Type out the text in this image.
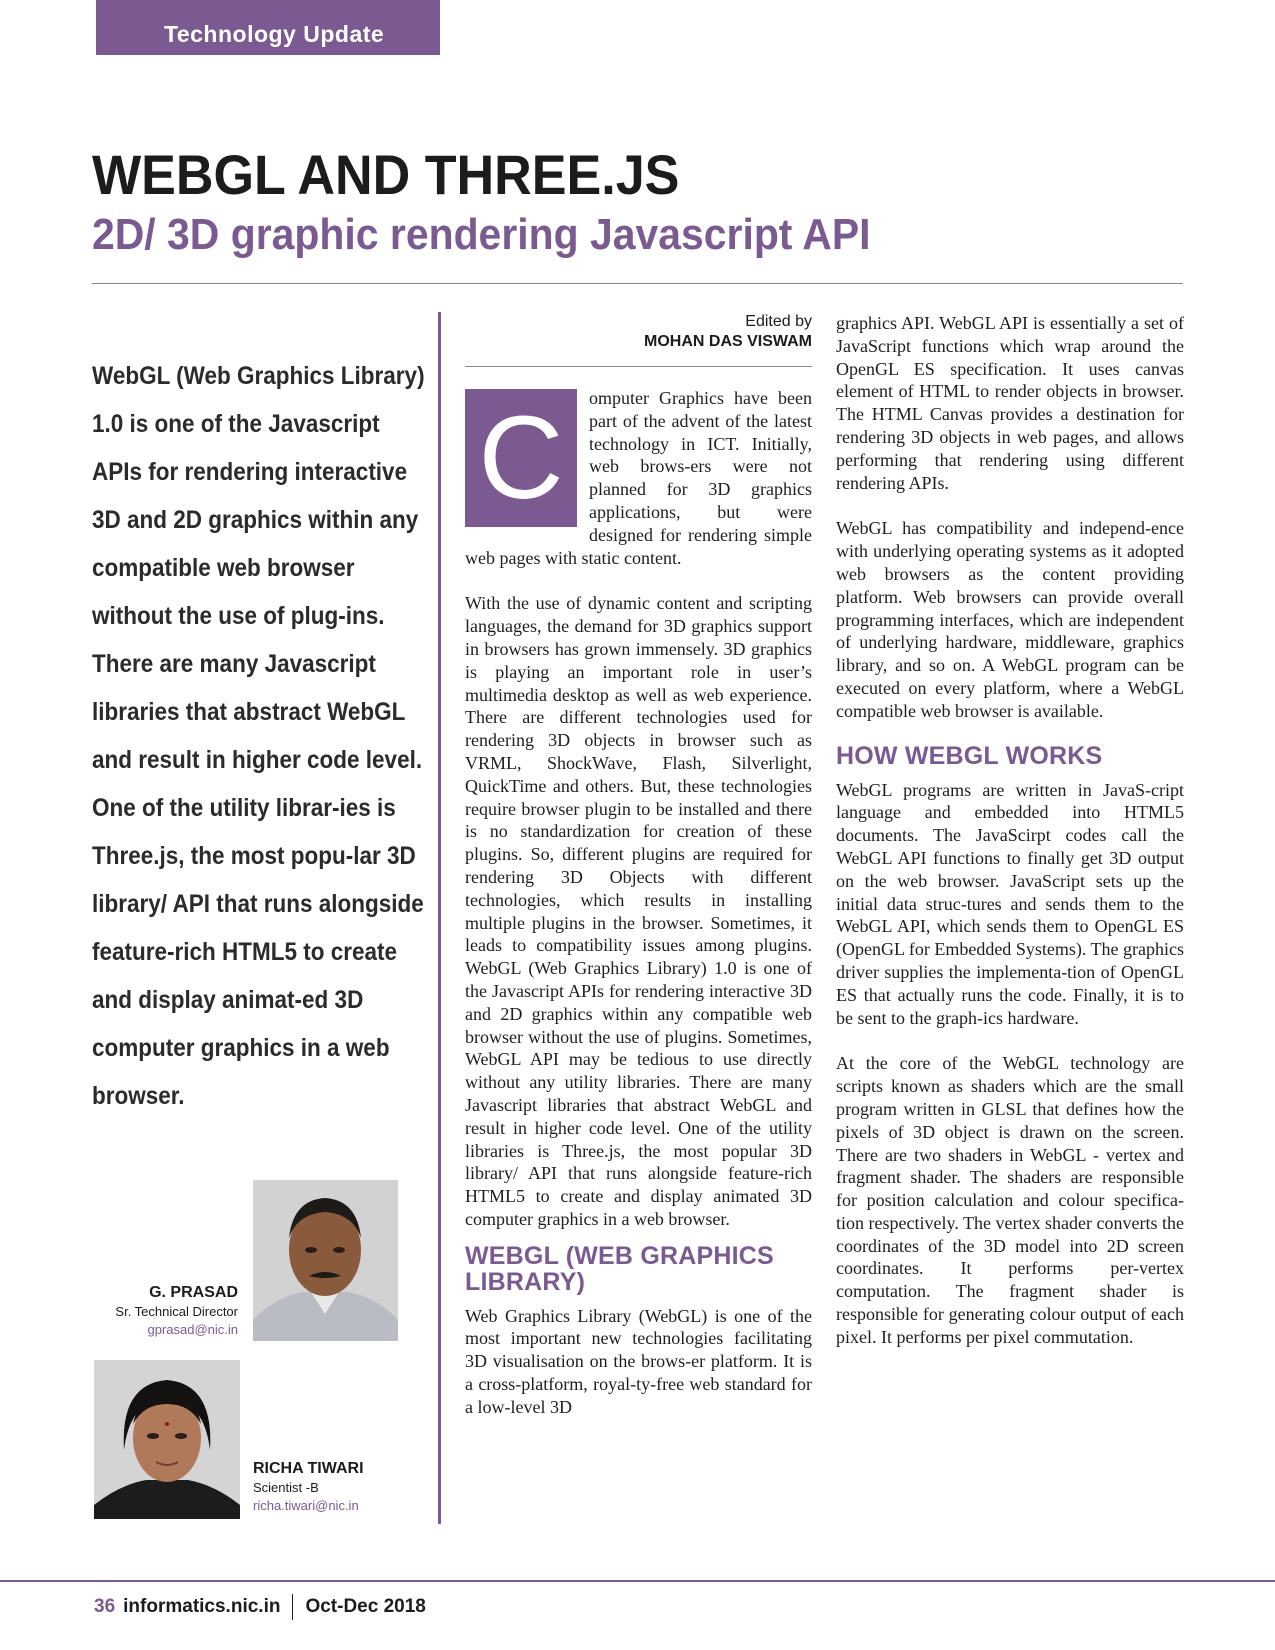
Technology Update
WEBGL AND THREE.JS
2D/ 3D graphic rendering Javascript API
WebGL (Web Graphics Library) 1.0 is one of the Javascript APIs for rendering interactive 3D and 2D graphics within any compatible web browser without the use of plug-ins. There are many Javascript libraries that abstract WebGL and result in higher code level. One of the utility librar-ies is Three.js, the most popu-lar 3D library/ API that runs alongside feature-rich HTML5 to create and display animat-ed 3D computer graphics in a web browser.
G. PRASAD
Sr. Technical Director
gprasad@nic.in
RICHA TIWARI
Scientist -B
richa.tiwari@nic.in
Edited by
MOHAN DAS VISWAM
C	omputer Graphics have been part of the advent of the latest technology in ICT. Initially, web brows-ers were not planned for 3D graphics applications, but were designed for rendering simple web pages with static content.

With the use of dynamic content and scripting languages, the demand for 3D graphics support in browsers has grown immensely. 3D graphics is playing an important role in user’s multimedia desktop as well as web experience. There are different technologies used for rendering 3D objects in browser such as VRML, ShockWave, Flash, Silverlight, QuickTime and others. But, these technologies require browser plugin to be installed and there is no standardization for creation of these plugins. So, different plugins are required for rendering 3D Objects with different technologies, which results in installing multiple plugins in the browser. Sometimes, it leads to compatibility issues among plugins. WebGL (Web Graphics Library) 1.0 is one of the Javascript APIs for rendering interactive 3D and 2D graphics within any compatible web browser without the use of plugins. Sometimes, WebGL API may be tedious to use directly without any utility libraries. There are many Javascript libraries that abstract WebGL and result in higher code level. One of the utility libraries is Three.js, the most popular 3D library/ API that runs alongside feature-rich HTML5 to create and display animated 3D computer graphics in a web browser.

WEBGL (WEB GRAPHICS LIBRARY)

Web Graphics Library (WebGL) is one of the most important new technologies facilitating 3D visualisation on the brows-er platform. It is a cross-platform, royal-ty-free web standard for a low-level 3D

graphics API. WebGL API is essentially a set of JavaScript functions which wrap around the OpenGL ES specification. It uses canvas element of HTML to render objects in browser. The HTML Canvas provides a destination for rendering 3D objects in web pages, and allows performing that rendering using different rendering APIs.

WebGL has compatibility and independ-ence with underlying operating systems as it adopted web browsers as the content providing platform. Web browsers can provide overall programming interfaces, which are independent of underlying hardware, middleware, graphics library, and so on. A WebGL program can be executed on every platform, where a WebGL compatible web browser is available.

HOW WEBGL WORKS

WebGL programs are written in JavaS-cript language and embedded into HTML5 documents. The JavaScirpt codes call the WebGL API functions to finally get 3D output on the web browser. JavaScript sets up the initial data struc-tures and sends them to the WebGL API, which sends them to OpenGL ES (OpenGL for Embedded Systems). The graphics driver supplies the implementa-tion of OpenGL ES that actually runs the code. Finally, it is to be sent to the graph-ics hardware.

At the core of the WebGL technology are scripts known as shaders which are the small program written in GLSL that defines how the pixels of 3D object is drawn on the screen. There are two shaders in WebGL - vertex and fragment shader. The shaders are responsible for position calculation and colour specifica-tion respectively. The vertex shader converts the coordinates of the 3D model into 2D screen coordinates. It performs per-vertex computation. The fragment shader is responsible for generating colour output of each pixel. It performs per pixel commutation.

36 informatics.nic.in Oct-Dec 2018
